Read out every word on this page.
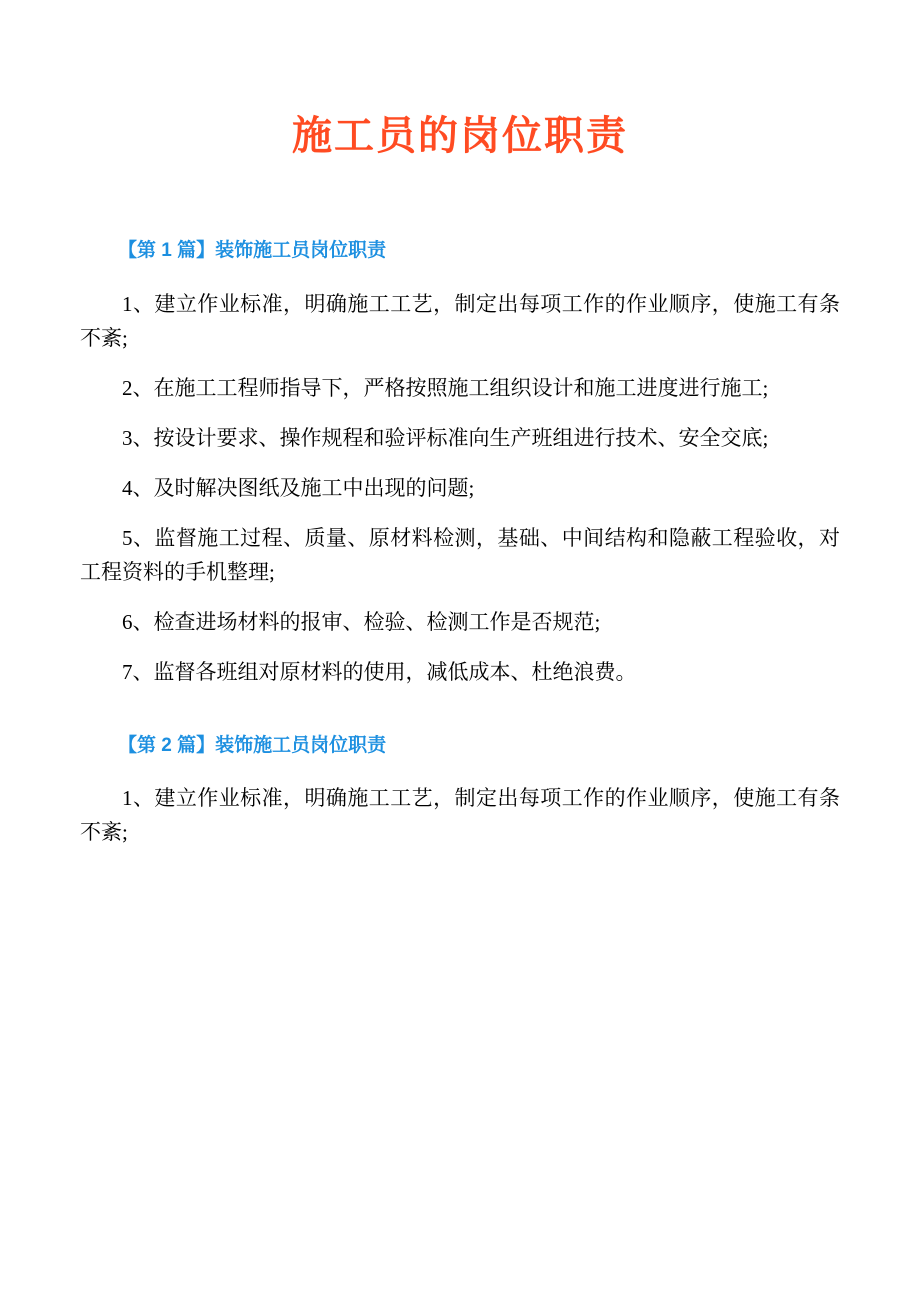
施工员的岗位职责
【第 1 篇】装饰施工员岗位职责

1、建立作业标准，明确施工工艺，制定出每项工作的作业顺序，使施工有条不紊;

2、在施工工程师指导下，严格按照施工组织设计和施工进度进行施工;

3、按设计要求、操作规程和验评标准向生产班组进行技术、安全交底;

4、及时解决图纸及施工中出现的问题;

5、监督施工过程、质量、原材料检测，基础、中间结构和隐蔽工程验收，对工程资料的手机整理;

6、检查进场材料的报审、检验、检测工作是否规范;

7、监督各班组对原材料的使用，减低成本、杜绝浪费。

【第 2 篇】装饰施工员岗位职责

1、建立作业标准，明确施工工艺，制定出每项工作的作业顺序，使施工有条不紊;
